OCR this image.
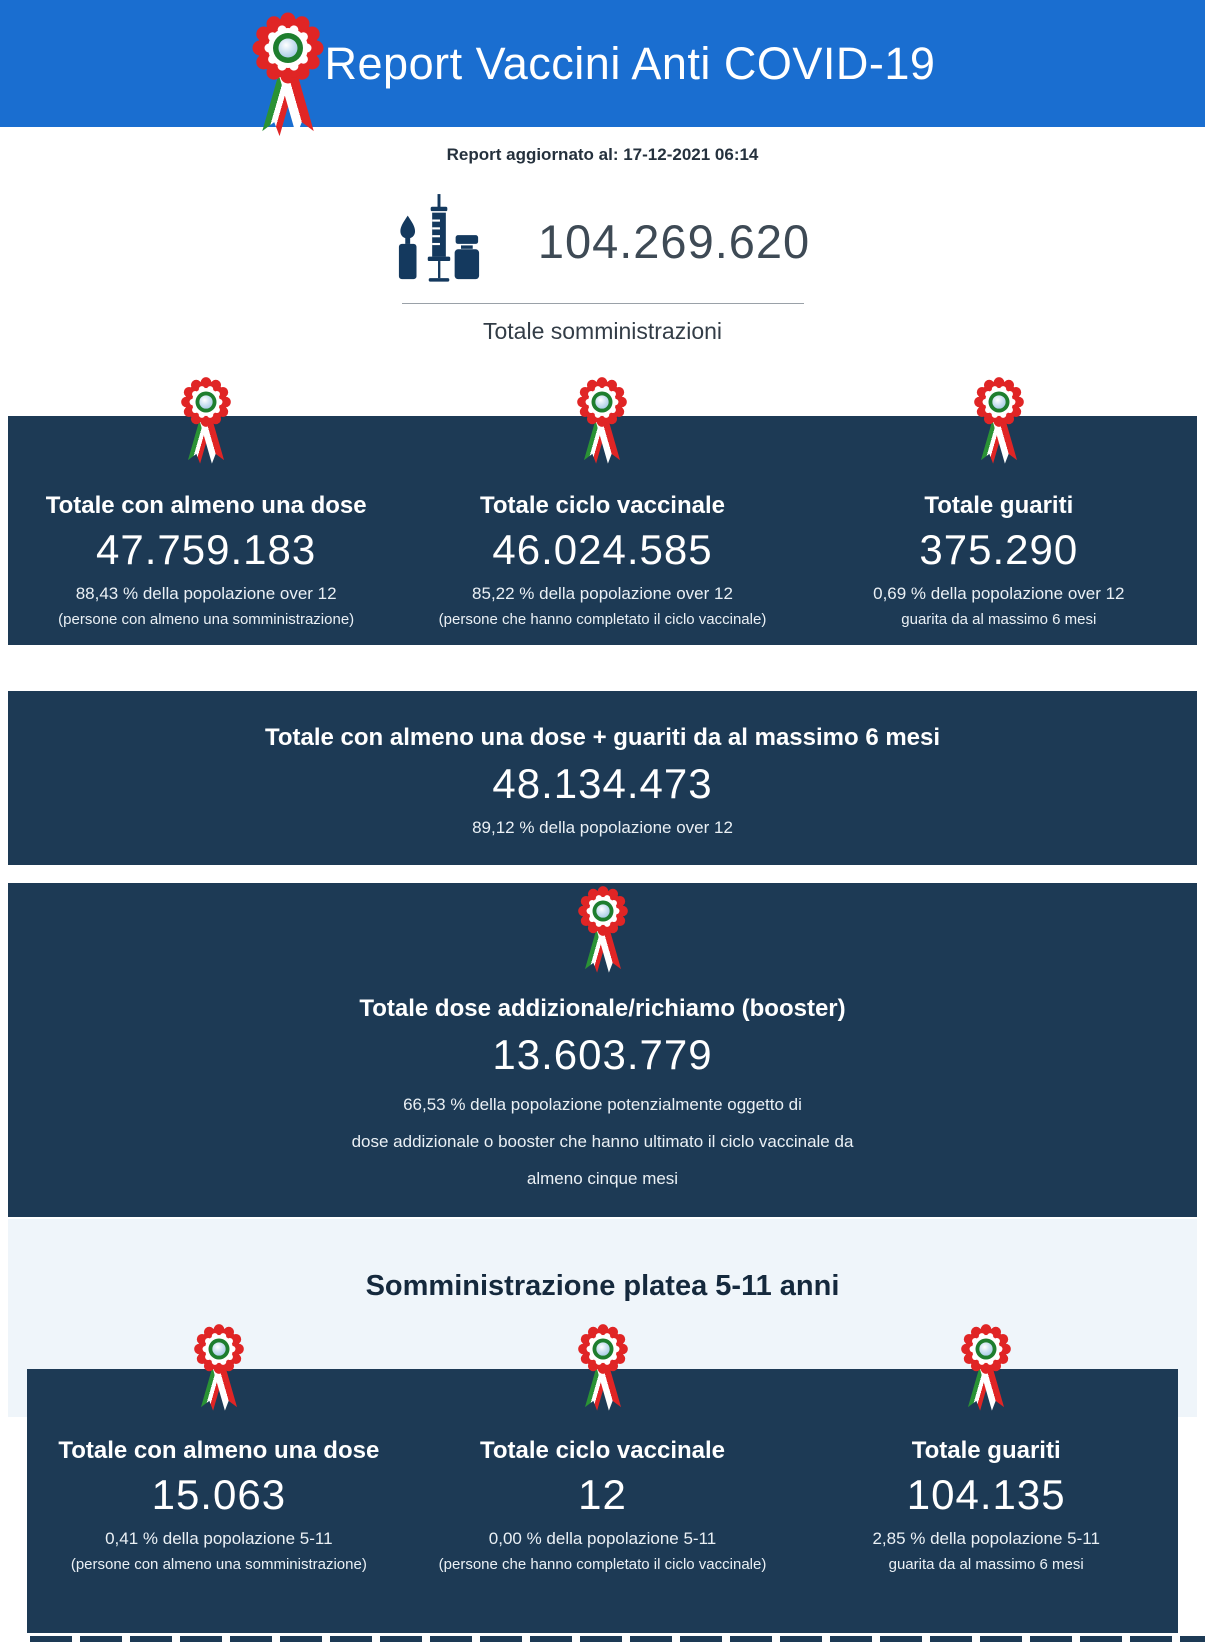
Report Vaccini Anti COVID-19

Report aggiornato al: 17-12-2021 06:14

104.269.620
Totale somministrazioni
Totale con almeno una dose
47.759.183
88,43 % della popolazione over 12
(persone con almeno una somministrazione)
Totale ciclo vaccinale
46.024.585
85,22 % della popolazione over 12
(persone che hanno completato il ciclo vaccinale)
Totale guariti
375.290
0,69 % della popolazione over 12
guarita da al massimo 6 mesi
Totale con almeno una dose + guariti da al massimo 6 mesi
48.134.473
89,12 % della popolazione over 12
Totale dose addizionale/richiamo (booster)
13.603.779
66,53 % della popolazione potenzialmente oggetto di
dose addizionale o booster che hanno ultimato il ciclo vaccinale da
almeno cinque mesi
Somministrazione platea 5-11 anni
Totale con almeno una dose
15.063
0,41 % della popolazione 5-11
(persone con almeno una somministrazione)
Totale ciclo vaccinale
12
0,00 % della popolazione 5-11
(persone che hanno completato il ciclo vaccinale)
Totale guariti
104.135
2,85 % della popolazione 5-11
guarita da al massimo 6 mesi
